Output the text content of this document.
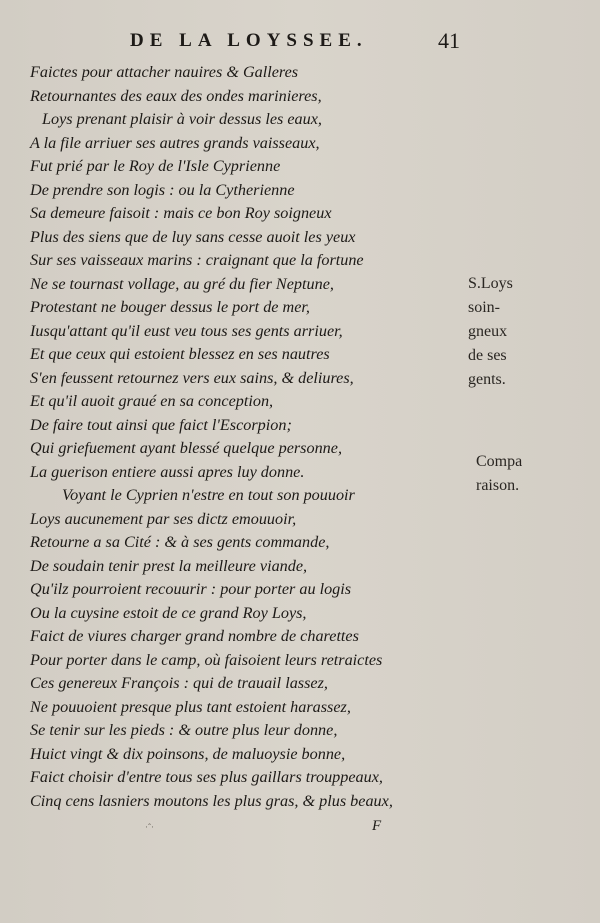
DE LA LOYSSEE.	41
Faictes pour attacher nauires & Galleres
Retournantes des eaux des ondes marinieres,
Loys prenant plaisir à voir dessus les eaux,
A la file arriuer ses autres grands vaisseaux,
Fut prié par le Roy de l'Isle Cyprienne
De prendre son logis : ou la Cytherienne
Sa demeure faisoit : mais ce bon Roy soigneux
Plus des siens que de luy sans cesse auoit les yeux
Sur ses vaisseaux marins : craignant que la fortune
Ne se tournast vollage, au gré du fier Neptune,
Protestant ne bouger dessus le port de mer,
Iusqu'attant qu'il eust veu tous ses gents arriuer,
Et que ceux qui estoient blessez en ses nautres
S'en feussent retournez vers eux sains, & deliures,
Et qu'il auoit graué en sa conception,
De faire tout ainsi que faict l'Escorpion;
Qui griefuement ayant blessé quelque personne,
La guerison entiere aussi apres luy donne.
Voyant le Cyprien n'estre en tout son pouuoir
Loys aucunement par ses dictz emouuoir,
Retourne a sa Cité : & à ses gents commande,
De soudain tenir prest la meilleure viande,
Qu'ilz pourroient recouurir : pour porter au logis
Ou la cuysine estoit de ce grand Roy Loys,
Faict de viures charger grand nombre de charettes
Pour porter dans le camp, où faisoient leurs retraictes
Ces genereux François : qui de trauail lassez,
Ne pouuoient presque plus tant estoient harassez,
Se tenir sur les pieds : & outre plus leur donne,
Huict vingt & dix poinsons, de maluoysie bonne,
Faict choisir d'entre tous ses plus gaillars trouppeaux,
Cinq cens lasniers moutons les plus gras, & plus beaux,
S.Loys
soin-
gneux
de ses
gents.
Compa
raison.
·ˆ·	F
